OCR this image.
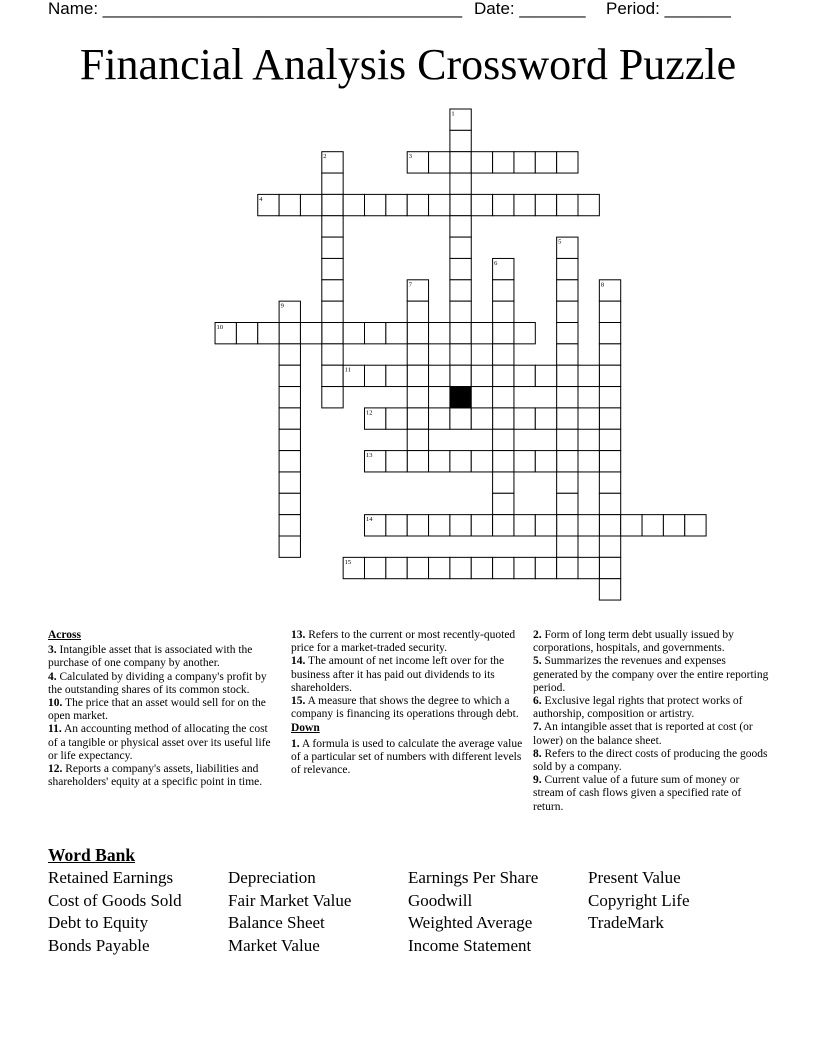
Name: ______________________________________ Date: _______ Period: _______
Financial Analysis Crossword Puzzle
1
2	3
4
5
6
7	8
9
10
11
12
13
14
15
Across

3. Intangible asset that is associated with the purchase of one company by another.

4. Calculated by dividing a company's profit by the outstanding shares of its common stock.

10. The price that an asset would sell for on the open market.

11. An accounting method of allocating the cost of a tangible or physical asset over its useful life or life expectancy.

12. Reports a company's assets, liabilities and shareholders' equity at a specific point in time.

13. Refers to the current or most recently-quoted price for a market-traded security.

14. The amount of net income left over for the business after it has paid out dividends to its shareholders.

15. A measure that shows the degree to which a company is financing its operations through debt.

Down

1. A formula is used to calculate the average value of a particular set of numbers with different levels of relevance.

2. Form of long term debt usually issued by corporations, hospitals, and governments.

5. Summarizes the revenues and expenses generated by the company over the entire reporting period.

6. Exclusive legal rights that protect works of authorship, composition or artistry.

7. An intangible asset that is reported at cost (or lower) on the balance sheet.

8. Refers to the direct costs of producing the goods sold by a company.

9. Current value of a future sum of money or stream of cash flows given a specified rate of return.

Word Bank
Retained Earnings
Cost of Goods Sold
Debt to Equity
Bonds Payable
Depreciation
Fair Market Value
Balance Sheet
Market Value
Earnings Per Share
Goodwill
Weighted Average
Income Statement
Present Value
Copyright Life
TradeMark
